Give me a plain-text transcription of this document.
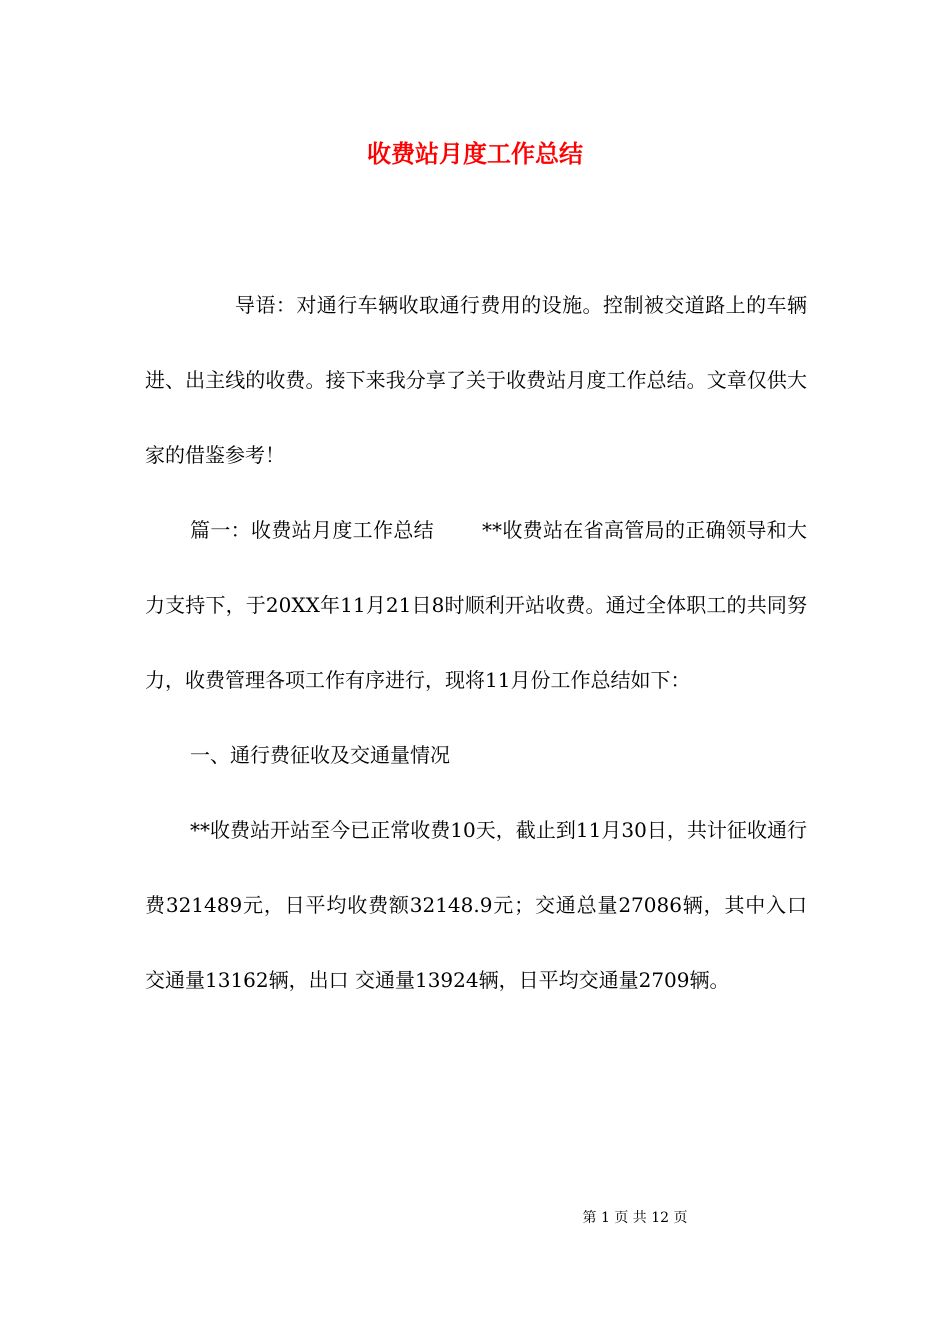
收费站月度工作总结

导语：对通行车辆收取通行费用的设施。控制被交道路上的车辆进、出主线的收费。接下来我分享了关于收费站月度工作总结。文章仅供大家的借鉴参考！

篇一：收费站月度工作总结 **收费站在省高管局的正确领导和大力支持下，于20XX年11月21日8时顺利开站收费。通过全体职工的共同努力，收费管理各项工作有序进行，现将11月份工作总结如下：

一、通行费征收及交通量情况

**收费站开站至今已正常收费10天，截止到11月30日，共计征收通行费321489元，日平均收费额32148.9元；交通总量27086辆，其中入口 交通量13162辆，出口 交通量13924辆，日平均交通量2709辆。

第 1 页 共 12 页
